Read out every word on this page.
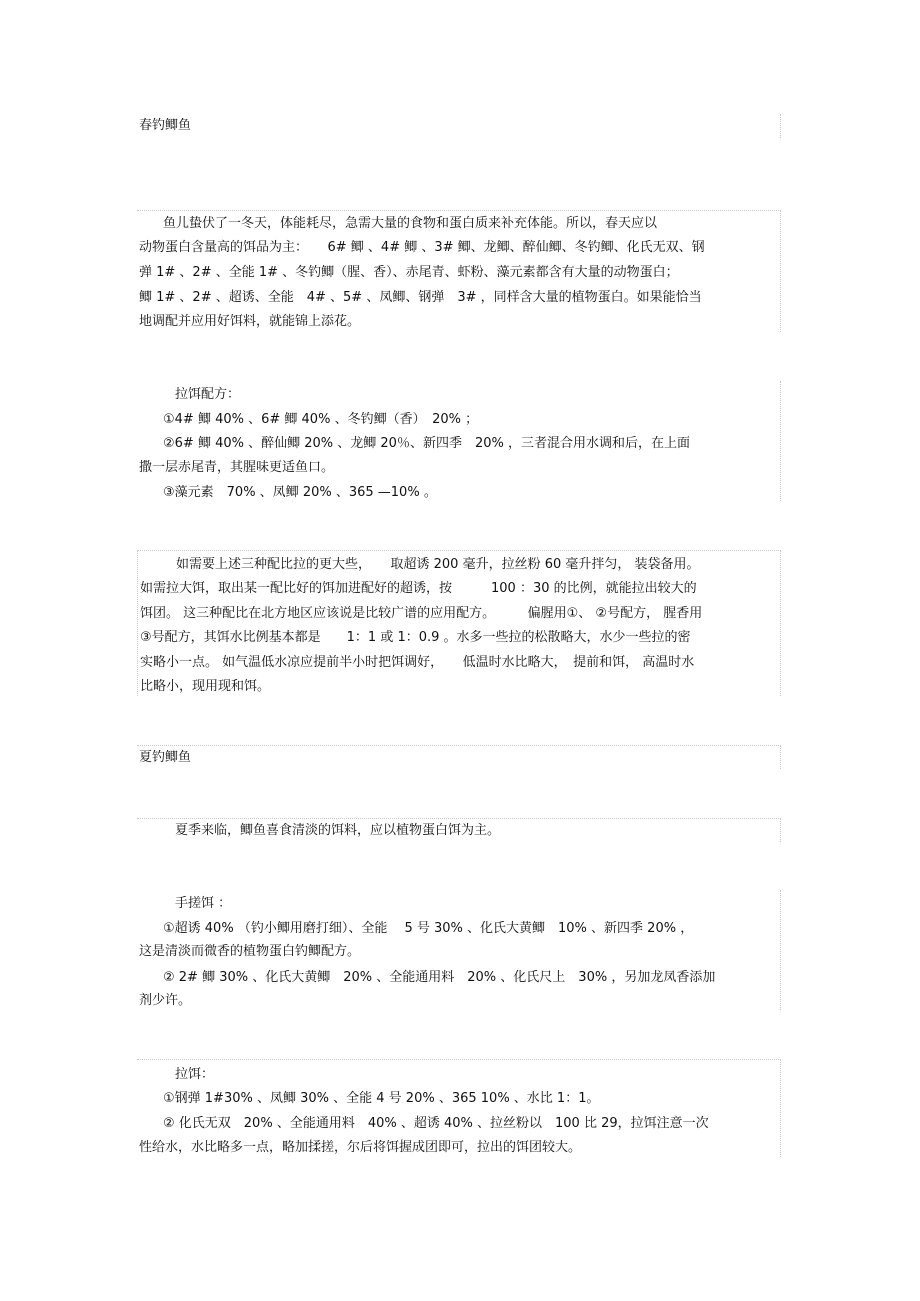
春钓鲫鱼
鱼儿蛰伏了一冬天，体能耗尽，急需大量的食物和蛋白质来补充体能。所以，春天应以
动物蛋白含量高的饵品为主：　　6# 鲫 、4# 鲫 、3# 鲫、龙鲫、醉仙鲫、冬钓鲫、化氏无双、钢
弹 1# 、2# 、全能 1# 、冬钓鲫（腥、香）、赤尾青、虾粉、藻元素都含有大量的动物蛋白；
鲫 1# 、2# 、超诱、全能　4# 、5# 、凤鲫、钢弹　3# ，同样含大量的植物蛋白。如果能恰当
地调配并应用好饵料，就能锦上添花。
拉饵配方：
①4# 鲫 40% 、6# 鲫 40% 、冬钓鲫（香）　20% ；
②6# 鲫 40% 、醉仙鲫 20% 、龙鲫 20％、新四季　20% ，三者混合用水调和后，在上面
撒一层赤尾青，其腥味更适鱼口。
③藻元素　70% 、凤鲫 20% 、365 —10% 。
如需要上述三种配比拉的更大些，　　取超诱 200 毫升，拉丝粉 60 毫升拌匀， 装袋备用。
如需拉大饵，取出某一配比好的饵加进配好的超诱，按　　　100 ：30 的比例，就能拉出较大的
饵团。 这三种配比在北方地区应该说是比较广谱的应用配方。　　　偏腥用①、 ②号配方， 腥香用
③号配方，其饵水比例基本都是　　1：1 或 1：0.9 。水多一些拉的松散略大，水少一些拉的密
实略小一点。 如气温低水凉应提前半小时把饵调好，　　低温时水比略大，　提前和饵， 高温时水
比略小，现用现和饵。
夏钓鲫鱼
夏季来临，鲫鱼喜食清淡的饵料，应以植物蛋白饵为主。
手搓饵 ：
①超诱 40% （钓小鲫用磨打细）、全能　 5 号 30% 、化氏大黄鲫　10% 、新四季 20% ，
这是清淡而微香的植物蛋白钓鲫配方。
② 2# 鲫 30% 、化氏大黄鲫　20% 、全能通用料　20% 、化氏尺上　30% ，另加龙凤香添加
剂少许。
拉饵：
①钢弹 1#30% 、凤鲫 30% 、全能 4 号 20% 、365 10% 、水比 1：1。
② 化氏无双　20% 、全能通用料　40% 、超诱 40% 、拉丝粉以　100 比 29，拉饵注意一次
性给水，水比略多一点，略加揉搓，尔后将饵握成团即可，拉出的饵团较大。
